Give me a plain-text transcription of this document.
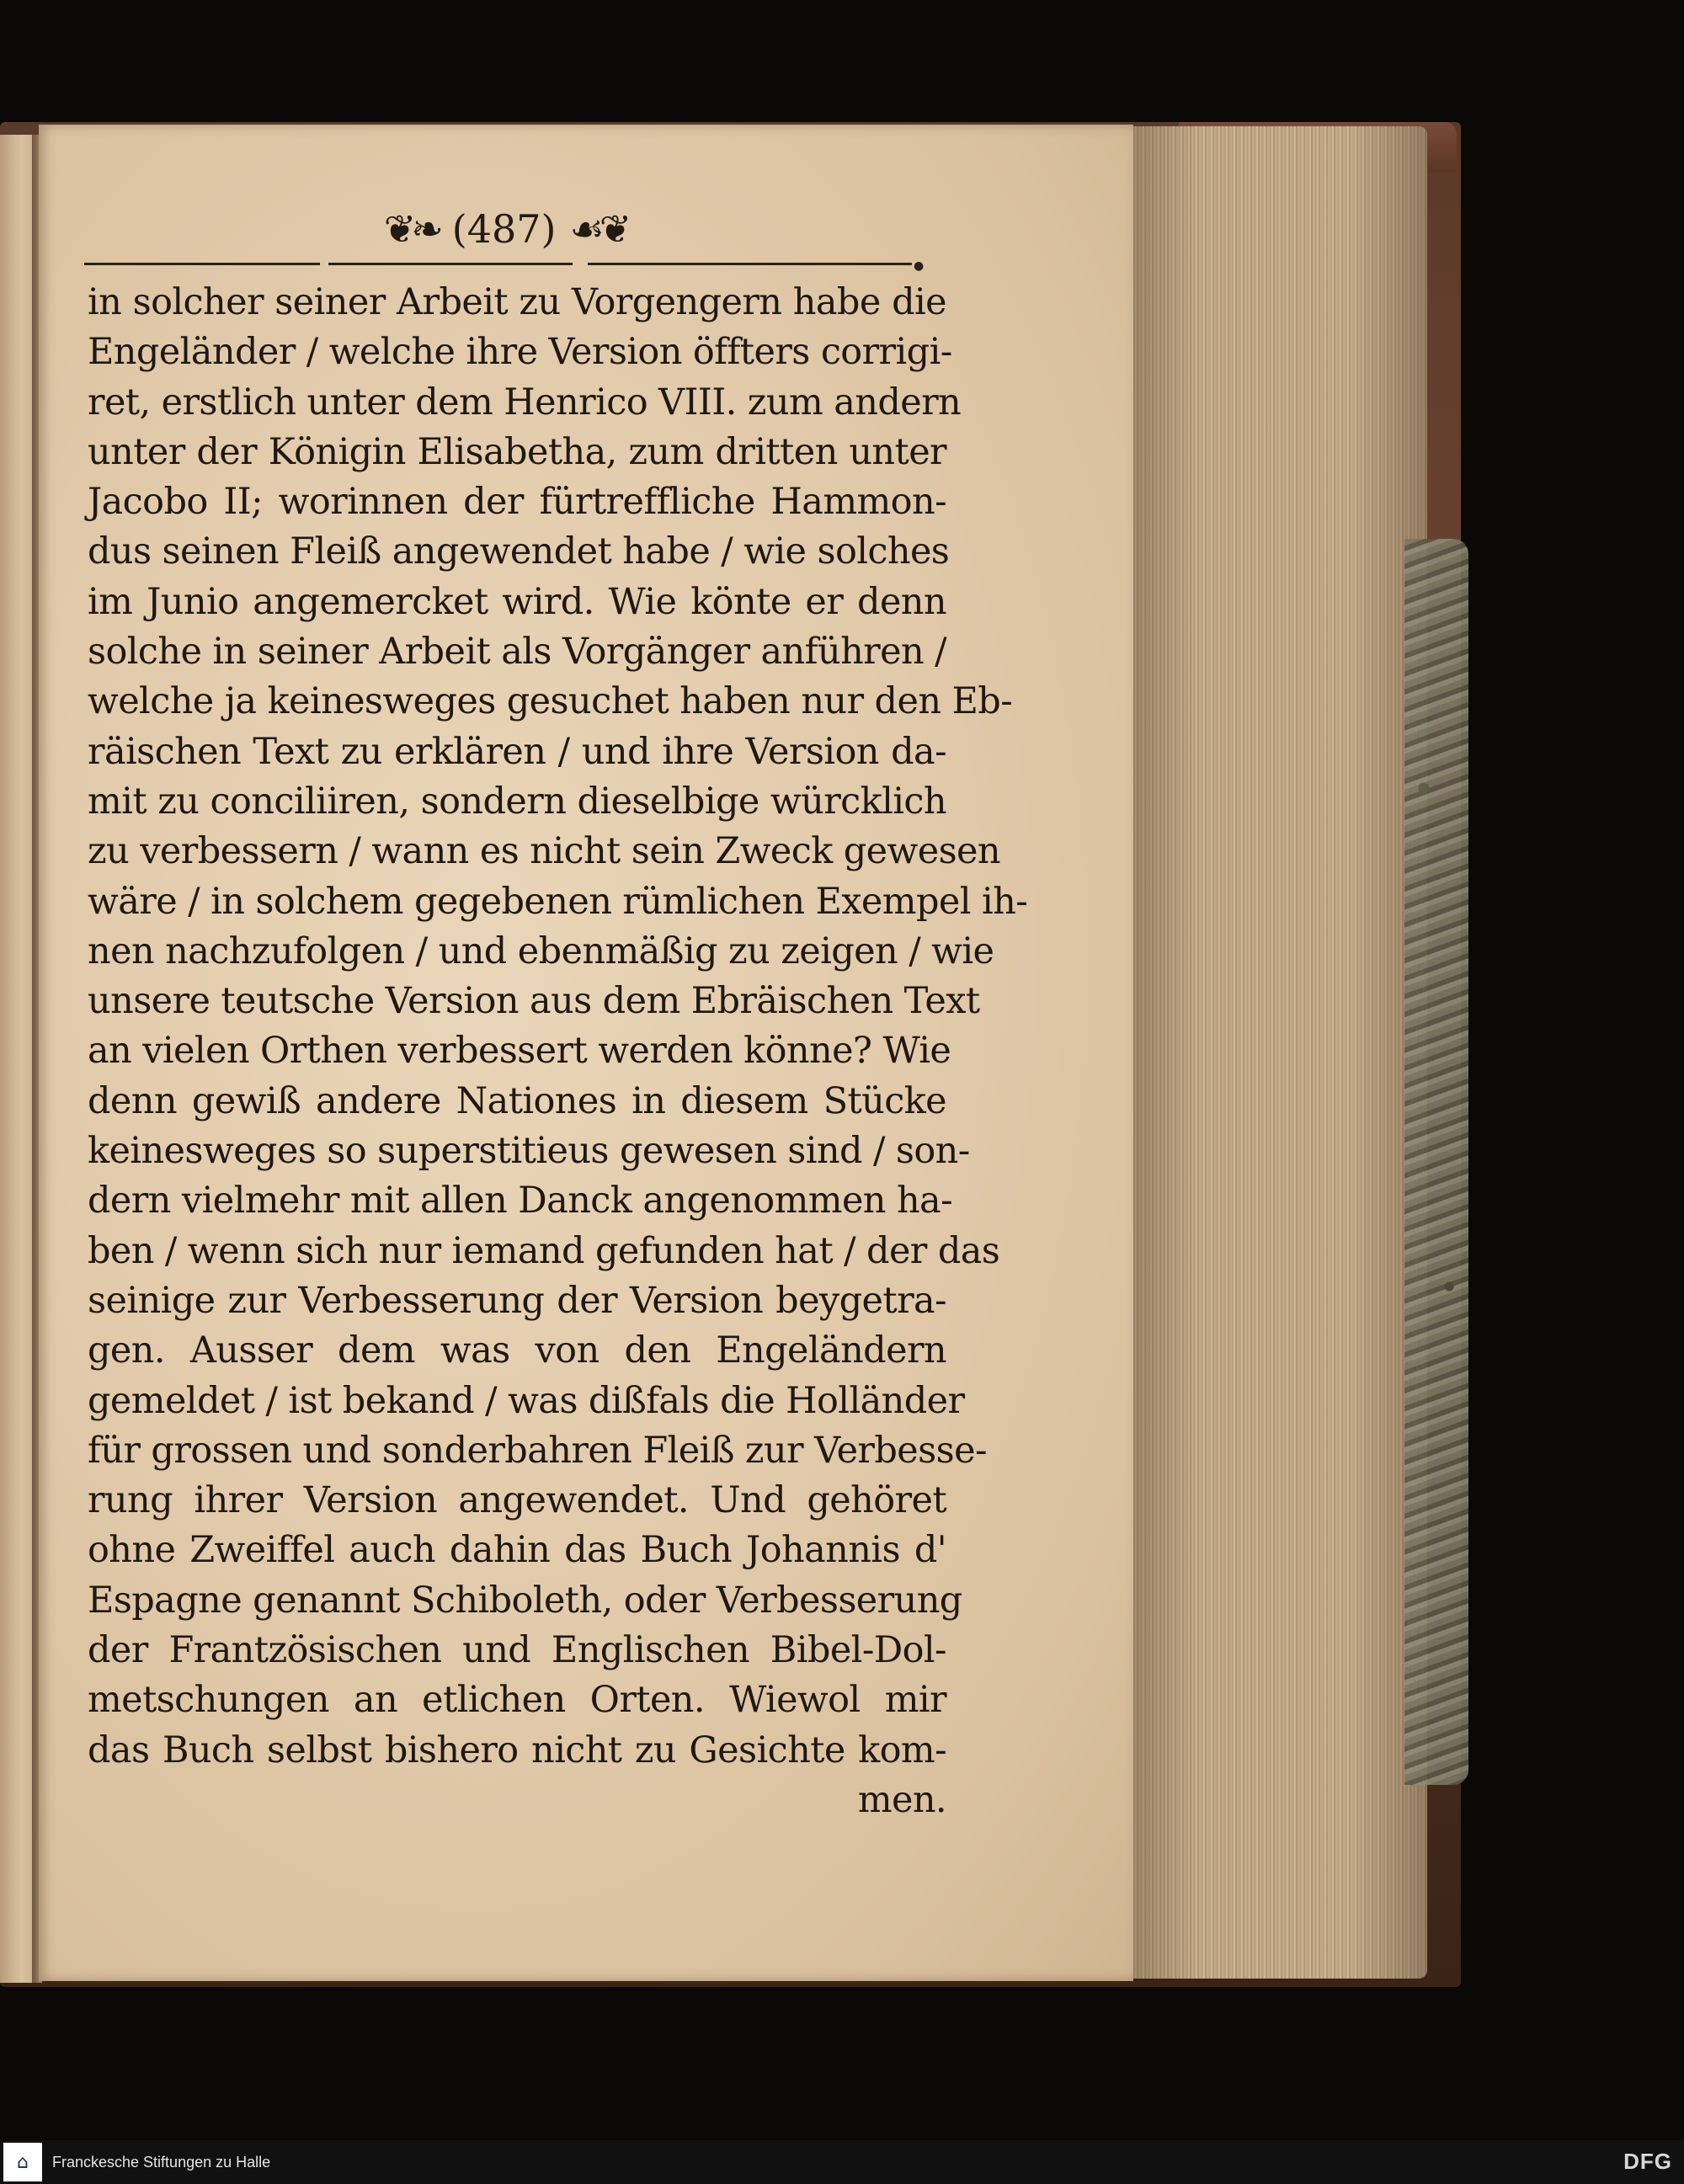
❦❧ (487) ☙❦
●
in solcher seiner Arbeit zu Vorgengern habe die
Engeländer / welche ihre Version öffters corrigi-
ret, erstlich unter dem Henrico VIII. zum andern
unter der Königin Elisabetha, zum dritten unter
Jacobo II; worinnen der fürtreffliche Hammon-
dus seinen Fleiß angewendet habe / wie solches
im Junio angemercket wird. Wie könte er denn
solche in seiner Arbeit als Vorgänger anführen /
welche ja keinesweges gesuchet haben nur den Eb-
räischen Text zu erklären / und ihre Version da-
mit zu conciliiren, sondern dieselbige würcklich
zu verbessern / wann es nicht sein Zweck gewesen
wäre / in solchem gegebenen rümlichen Exempel ih-
nen nachzufolgen / und ebenmäßig zu zeigen / wie
unsere teutsche Version aus dem Ebräischen Text
an vielen Orthen verbessert werden könne? Wie
denn gewiß andere Nationes in diesem Stücke
keinesweges so superstitieus gewesen sind / son-
dern vielmehr mit allen Danck angenommen ha-
ben / wenn sich nur iemand gefunden hat / der das
seinige zur Verbesserung der Version beygetra-
gen. Ausser dem was von den Engeländern
gemeldet / ist bekand / was dißfals die Holländer
für grossen und sonderbahren Fleiß zur Verbesse-
rung ihrer Version angewendet. Und gehöret
ohne Zweiffel auch dahin das Buch Johannis d'
Espagne genannt Schiboleth, oder Verbesserung
der Frantzösischen und Englischen Bibel-Dol-
metschungen an etlichen Orten. Wiewol mir
das Buch selbst bishero nicht zu Gesichte kom-
men.
⌂	Franckesche Stiftungen zu Halle	DFG
